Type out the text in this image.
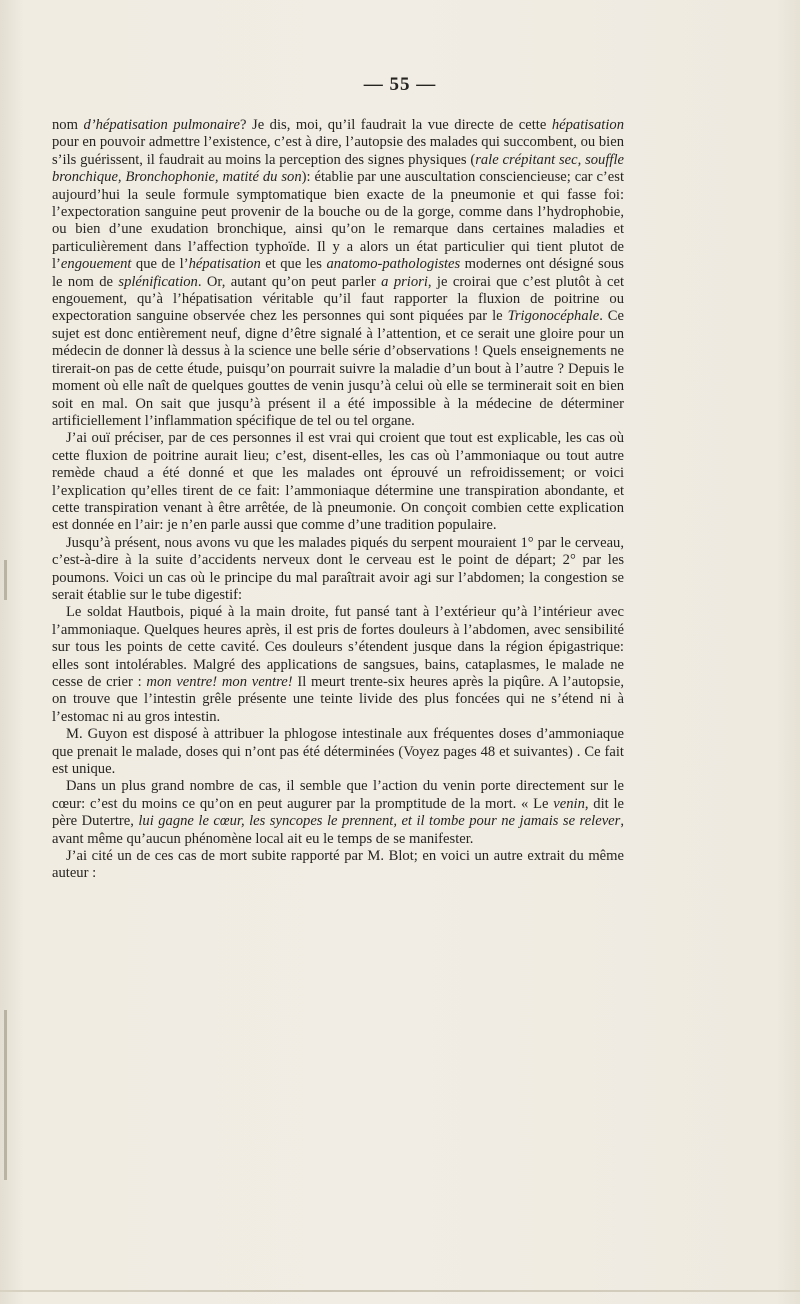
— 55 —

nom d’hépatisation pulmonaire? Je dis, moi, qu’il faudrait la vue directe de cette hépatisation pour en pouvoir admettre l’existence, c’est à dire, l’autopsie des malades qui succombent, ou bien s’ils guérissent, il faudrait au moins la perception des signes physiques (rale crépitant sec, souffle bronchique, Bronchophonie, matité du son): établie par une auscultation consciencieuse; car c’est aujourd’hui la seule formule symptomatique bien exacte de la pneumonie et qui fasse foi: l’expectoration sanguine peut provenir de la bouche ou de la gorge, comme dans l’hydrophobie, ou bien d’une exudation bronchique, ainsi qu’on le remarque dans certaines maladies et particulièrement dans l’affection typhoïde. Il y a alors un état particulier qui tient plutot de l’engouement que de l’hépatisation et que les anatomo-pathologistes modernes ont désigné sous le nom de splénification. Or, autant qu’on peut parler a priori, je croirai que c’est plutôt à cet engouement, qu’à l’hépatisation véritable qu’il faut rapporter la fluxion de poitrine ou expectoration sanguine observée chez les personnes qui sont piquées par le Trigonocéphale. Ce sujet est donc entièrement neuf, digne d’être signalé à l’attention, et ce serait une gloire pour un médecin de donner là dessus à la science une belle série d’observations ! Quels enseignements ne tirerait-on pas de cette étude, puisqu’on pourrait suivre la maladie d’un bout à l’autre ? Depuis le moment où elle naît de quelques gouttes de venin jusqu’à celui où elle se terminerait soit en bien soit en mal. On sait que jusqu’à présent il a été impossible à la médecine de déterminer artificiellement l’inflammation spécifique de tel ou tel organe.

J’ai ouï préciser, par de ces personnes il est vrai qui croient que tout est explicable, les cas où cette fluxion de poitrine aurait lieu; c’est, disent-elles, les cas où l’ammoniaque ou tout autre remède chaud a été donné et que les malades ont éprouvé un refroidissement; or voici l’explication qu’elles tirent de ce fait: l’ammoniaque détermine une transpiration abondante, et cette transpiration venant à être arrêtée, de là pneumonie. On conçoit combien cette explication est donnée en l’air: je n’en parle aussi que comme d’une tradition populaire.

Jusqu’à présent, nous avons vu que les malades piqués du serpent mouraient 1° par le cerveau, c’est-à-dire à la suite d’accidents nerveux dont le cerveau est le point de départ; 2° par les poumons. Voici un cas où le principe du mal paraîtrait avoir agi sur l’abdomen; la congestion se serait établie sur le tube digestif:

Le soldat Hautbois, piqué à la main droite, fut pansé tant à l’extérieur qu’à l’intérieur avec l’ammoniaque. Quelques heures après, il est pris de fortes douleurs à l’abdomen, avec sensibilité sur tous les points de cette cavité. Ces douleurs s’étendent jusque dans la région épigastrique: elles sont intolérables. Malgré des applications de sangsues, bains, cataplasmes, le malade ne cesse de crier : mon ventre! mon ventre! Il meurt trente-six heures après la piqûre. A l’autopsie, on trouve que l’intestin grêle présente une teinte livide des plus foncées qui ne s’étend ni à l’estomac ni au gros intestin.

M. Guyon est disposé à attribuer la phlogose intestinale aux fréquentes doses d’ammoniaque que prenait le malade, doses qui n’ont pas été déterminées (Voyez pages 48 et suivantes) . Ce fait est unique.

Dans un plus grand nombre de cas, il semble que l’action du venin porte directement sur le cœur: c’est du moins ce qu’on en peut augurer par la promptitude de la mort. « Le venin, dit le père Dutertre, lui gagne le cœur, les syncopes le prennent, et il tombe pour ne jamais se relever, avant même qu’aucun phénomène local ait eu le temps de se manifester.

J’ai cité un de ces cas de mort subite rapporté par M. Blot; en voici un autre extrait du même auteur :
